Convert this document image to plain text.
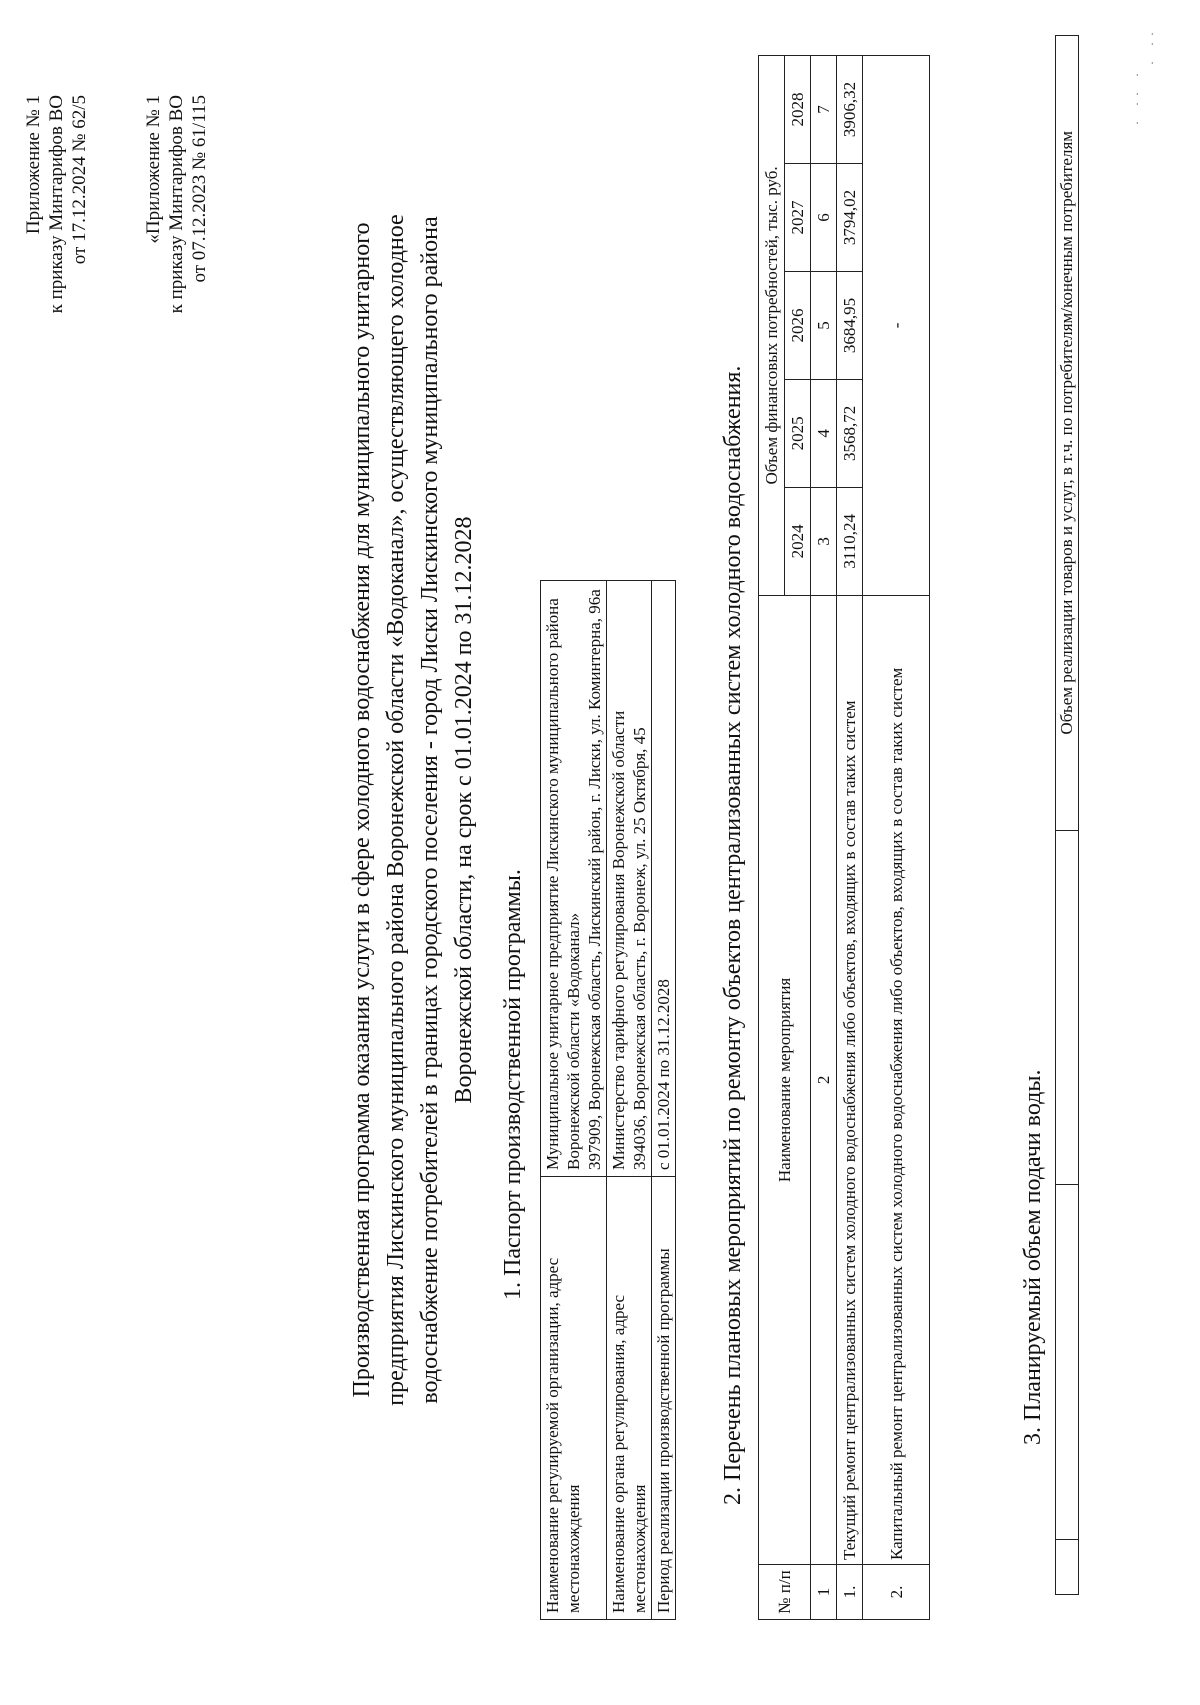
· ·· ·
· ··
Приложение № 1 к приказу Минтарифов ВО от 17.12.2024 № 62/5	«Приложение № 1 к приказу Минтарифов ВО от 07.12.2023 № 61/115
Производственная программа оказания услуги в сфере холодного водоснабжения для муниципального унитарного предприятия Лискинского муниципального района Воронежской области «Водоканал», осуществляющего холодное водоснабжение потребителей в границах городского поселения - город Лиски Лискинского муниципального района Воронежской области, на срок с 01.01.2024 по 31.12.2028 1. Паспорт производственной программы.
Наименование регулируемой организации, адрес местонахождения	Муниципальное унитарное предприятие Лискинского муниципального района Воронежской области «Водоканал» 397909, Воронежская область, Лискинский район, г. Лиски, ул. Коминтерна, 96а

Наименование органа регулирования, адрес местонахождения	Министерство тарифного регулирования Воронежской области 394036, Воронежская область, г. Воронеж, ул. 25 Октября, 45

Период реализации производственной программы	с 01.01.2024 по 31.12.2028 2. Перечень плановых мероприятий по ремонту объектов централизованных систем холодного водоснабжения.
№ п/п	Наименование мероприятия	Объем финансовых потребностей, тыс. руб.				
		2024	2025	2026	2027	2028
1	2	3	4	5	6	7
1.	Текущий ремонт централизованных систем холодного водоснабжения либо объектов, входящих в состав таких систем	3110,24	3568,72	3684,95	3794,02	3906,32
2.	Капитальный ремонт централизованных систем холодного водоснабжения либо объектов, входящих в состав таких систем	-				
3. Планируемый объем подачи воды.
			Объем реализации товаров и услуг, в т.ч. по потребителям/конечным потребителям
